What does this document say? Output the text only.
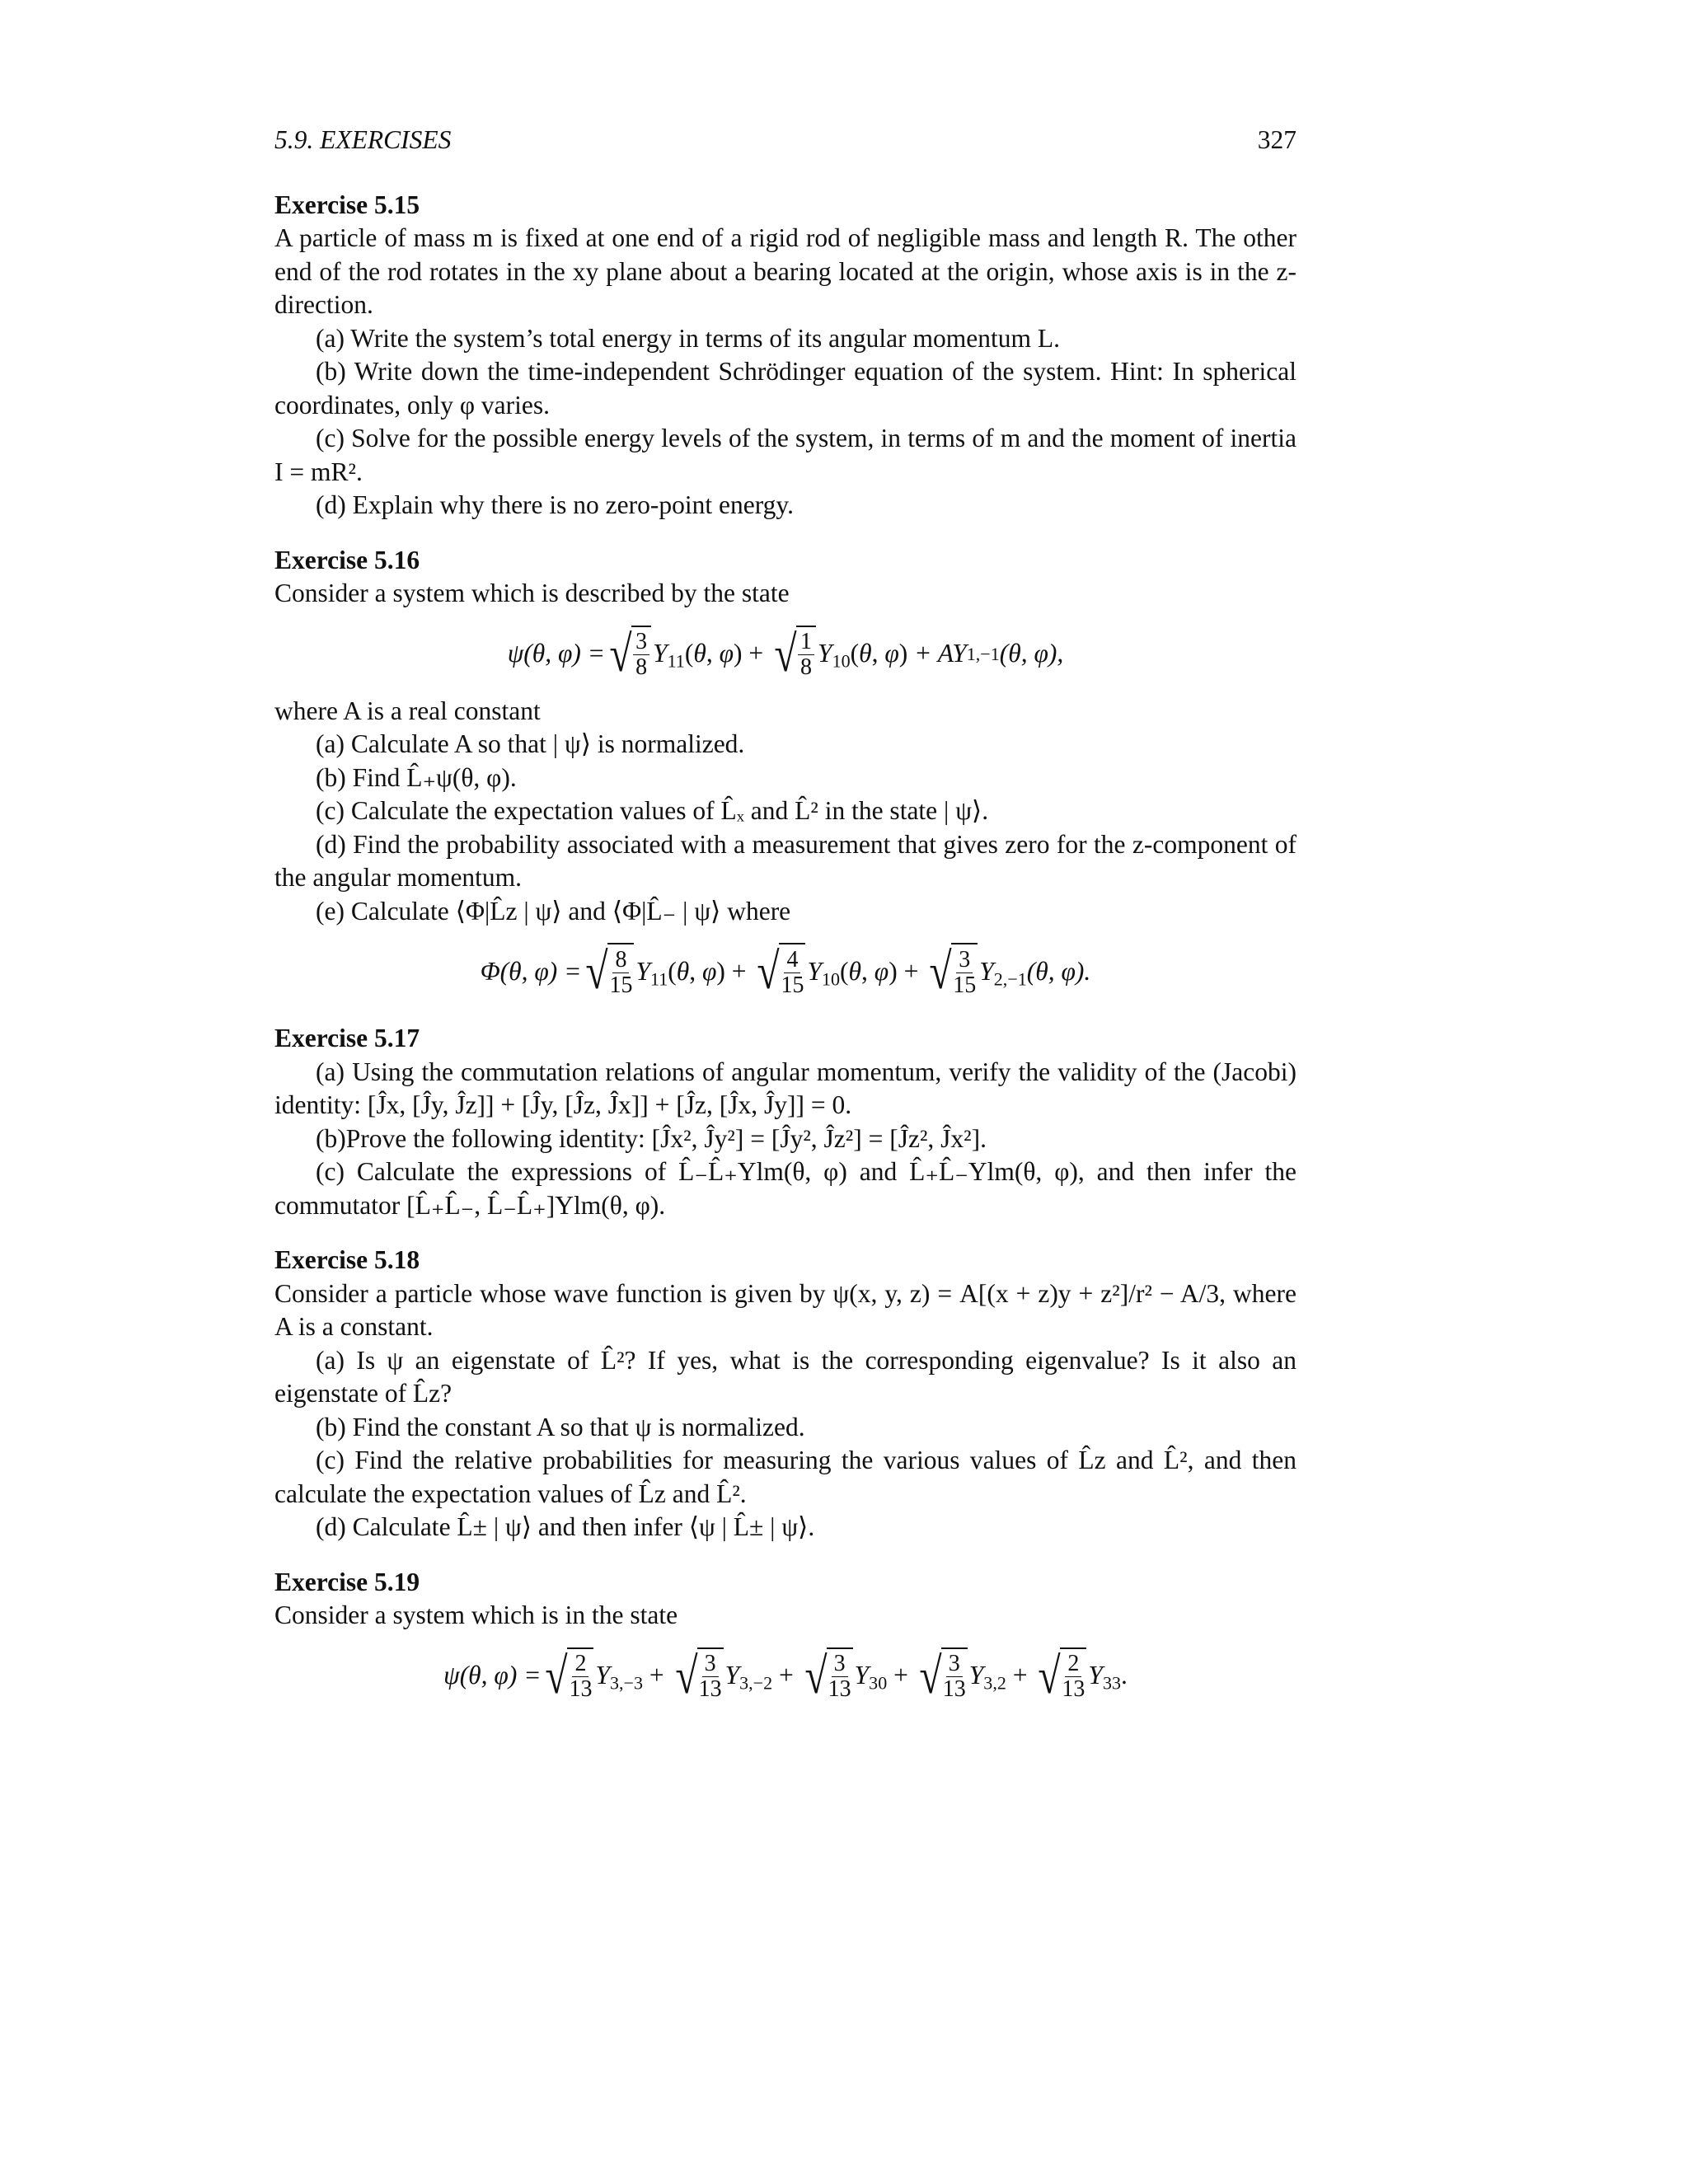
5.9. EXERCISES	327
Exercise 5.15

A particle of mass m is fixed at one end of a rigid rod of negligible mass and length R. The other end of the rod rotates in the xy plane about a bearing located at the origin, whose axis is in the z-direction.

(a) Write the system’s total energy in terms of its angular momentum L.

(b) Write down the time-independent Schrödinger equation of the system. Hint: In spherical coordinates, only φ varies.

(c) Solve for the possible energy levels of the system, in terms of m and the moment of inertia I = mR².

(d) Explain why there is no zero-point energy.

Exercise 5.16

Consider a system which is described by the state

ψ(θ, φ) = √ $\frac{3}{8} Y_{11}(\theta$, φ) + √ $\frac{1}{8} Y_{10}(\theta$, φ) + AY 1,−1 (θ, φ),

where A is a real constant

(a) Calculate A so that | ψ⟩ is normalized.

(b) Find L̂₊ψ(θ, φ).

(c) Calculate the expectation values of L̂ₓ and L̂² in the state | ψ⟩.

(d) Find the probability associated with a measurement that gives zero for the z-component of the angular momentum.

(e) Calculate ⟨Φ|L̂z | ψ⟩ and ⟨Φ|L̂₋ | ψ⟩ where

Φ(θ, φ) = √ $\frac{8}{15} Y_{11}(\theta$, φ) + √ $\frac{4}{15} Y_{10}(\theta$, φ) + √ $\frac{3}{15} Y_{2,-1}$ (θ, φ).
Exercise 5.17

(a) Using the commutation relations of angular momentum, verify the validity of the (Jacobi) identity: [Ĵx, [Ĵy, Ĵz]] + [Ĵy, [Ĵz, Ĵx]] + [Ĵz, [Ĵx, Ĵy]] = 0.

(b)Prove the following identity: [Ĵx², Ĵy²] = [Ĵy², Ĵz²] = [Ĵz², Ĵx²].

(c) Calculate the expressions of L̂₋L̂₊Ylm(θ, φ) and L̂₊L̂₋Ylm(θ, φ), and then infer the commutator [L̂₊L̂₋, L̂₋L̂₊]Ylm(θ, φ).

Exercise 5.18

Consider a particle whose wave function is given by ψ(x, y, z) = A[(x + z)y + z²]/r² − A/3, where A is a constant.

(a) Is ψ an eigenstate of L̂²? If yes, what is the corresponding eigenvalue? Is it also an eigenstate of L̂z?

(b) Find the constant A so that ψ is normalized.

(c) Find the relative probabilities for measuring the various values of L̂z and L̂², and then calculate the expectation values of L̂z and L̂².

(d) Calculate L̂± | ψ⟩ and then infer ⟨ψ | L̂± | ψ⟩.

Exercise 5.19

Consider a system which is in the state

ψ(θ, φ) = √ $\frac{2}{13} Y_{3,-3}$ + √ $\frac{3}{13} Y_{3,-2}$ + √ $\frac{3}{13} Y_{30}$ + √ $\frac{3}{13} Y_{3,2}$ + √ $\frac{2}{13} Y_{33}$.
